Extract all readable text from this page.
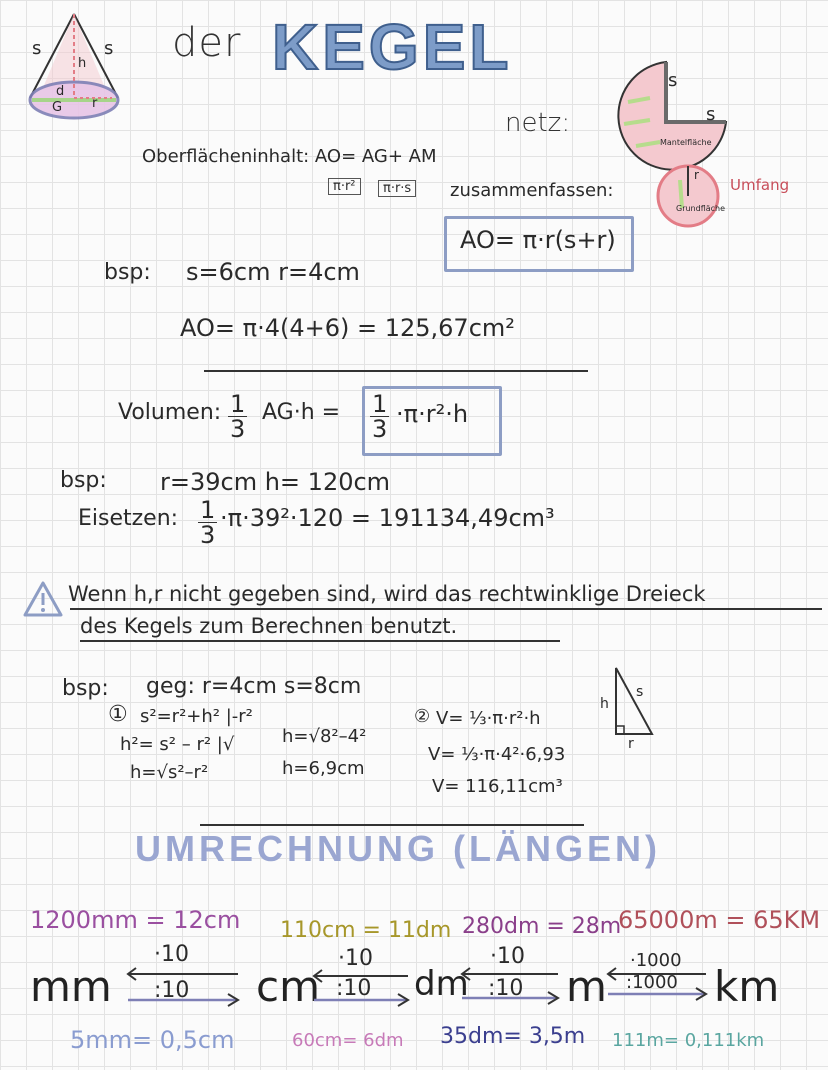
s	s
h
d
r
G
der KEGEL
netz:
s
s
Mantelfläche
r
Grundfläche
Umfang
Oberflächeninhalt: AO= AG+ AM
π·r²	π·r·s zusammenfassen:
AO= π·r(s+r)
bsp: s=6cm r=4cm
AO= π·4(4+6) = 125,67cm²
Volumen: $\frac{1}{3} AG\cdot h = \frac{1}{3} \cdot\pi\cdot r^2\cdot h$
bsp: r=39cm h= 120cm
Eisetzen: $\frac{1}{3} \cdot\pi\cdot 39^2\cdot 120 = 191134,49cm^3$
Wenn h,r nicht gegeben sind, wird das rechtwinklige Dreieck
des Kegels zum Berechnen benutzt.
bsp: geg: r=4cm s=8cm
① s²=r²+h² |-r²
h²= s² – r² |√
h=√s²–r²
h=√8²–4²
h=6,9cm
② V= ⅓·π·r²·h
V= ⅓·π·4²·6,93
V= 116,11cm³
h
s
r
UMRECHNUNG (LÄNGEN)
1200mm = 12cm 110cm = 11dm 280dm = 28m
65000m = 65KM
mm	cm	dm m	km
·10
:10
·10
:10
·10
:10
·1000
:1000
5mm= 0,5cm	60cm= 6dm 35dm= 3,5m 111m= 0,111km
